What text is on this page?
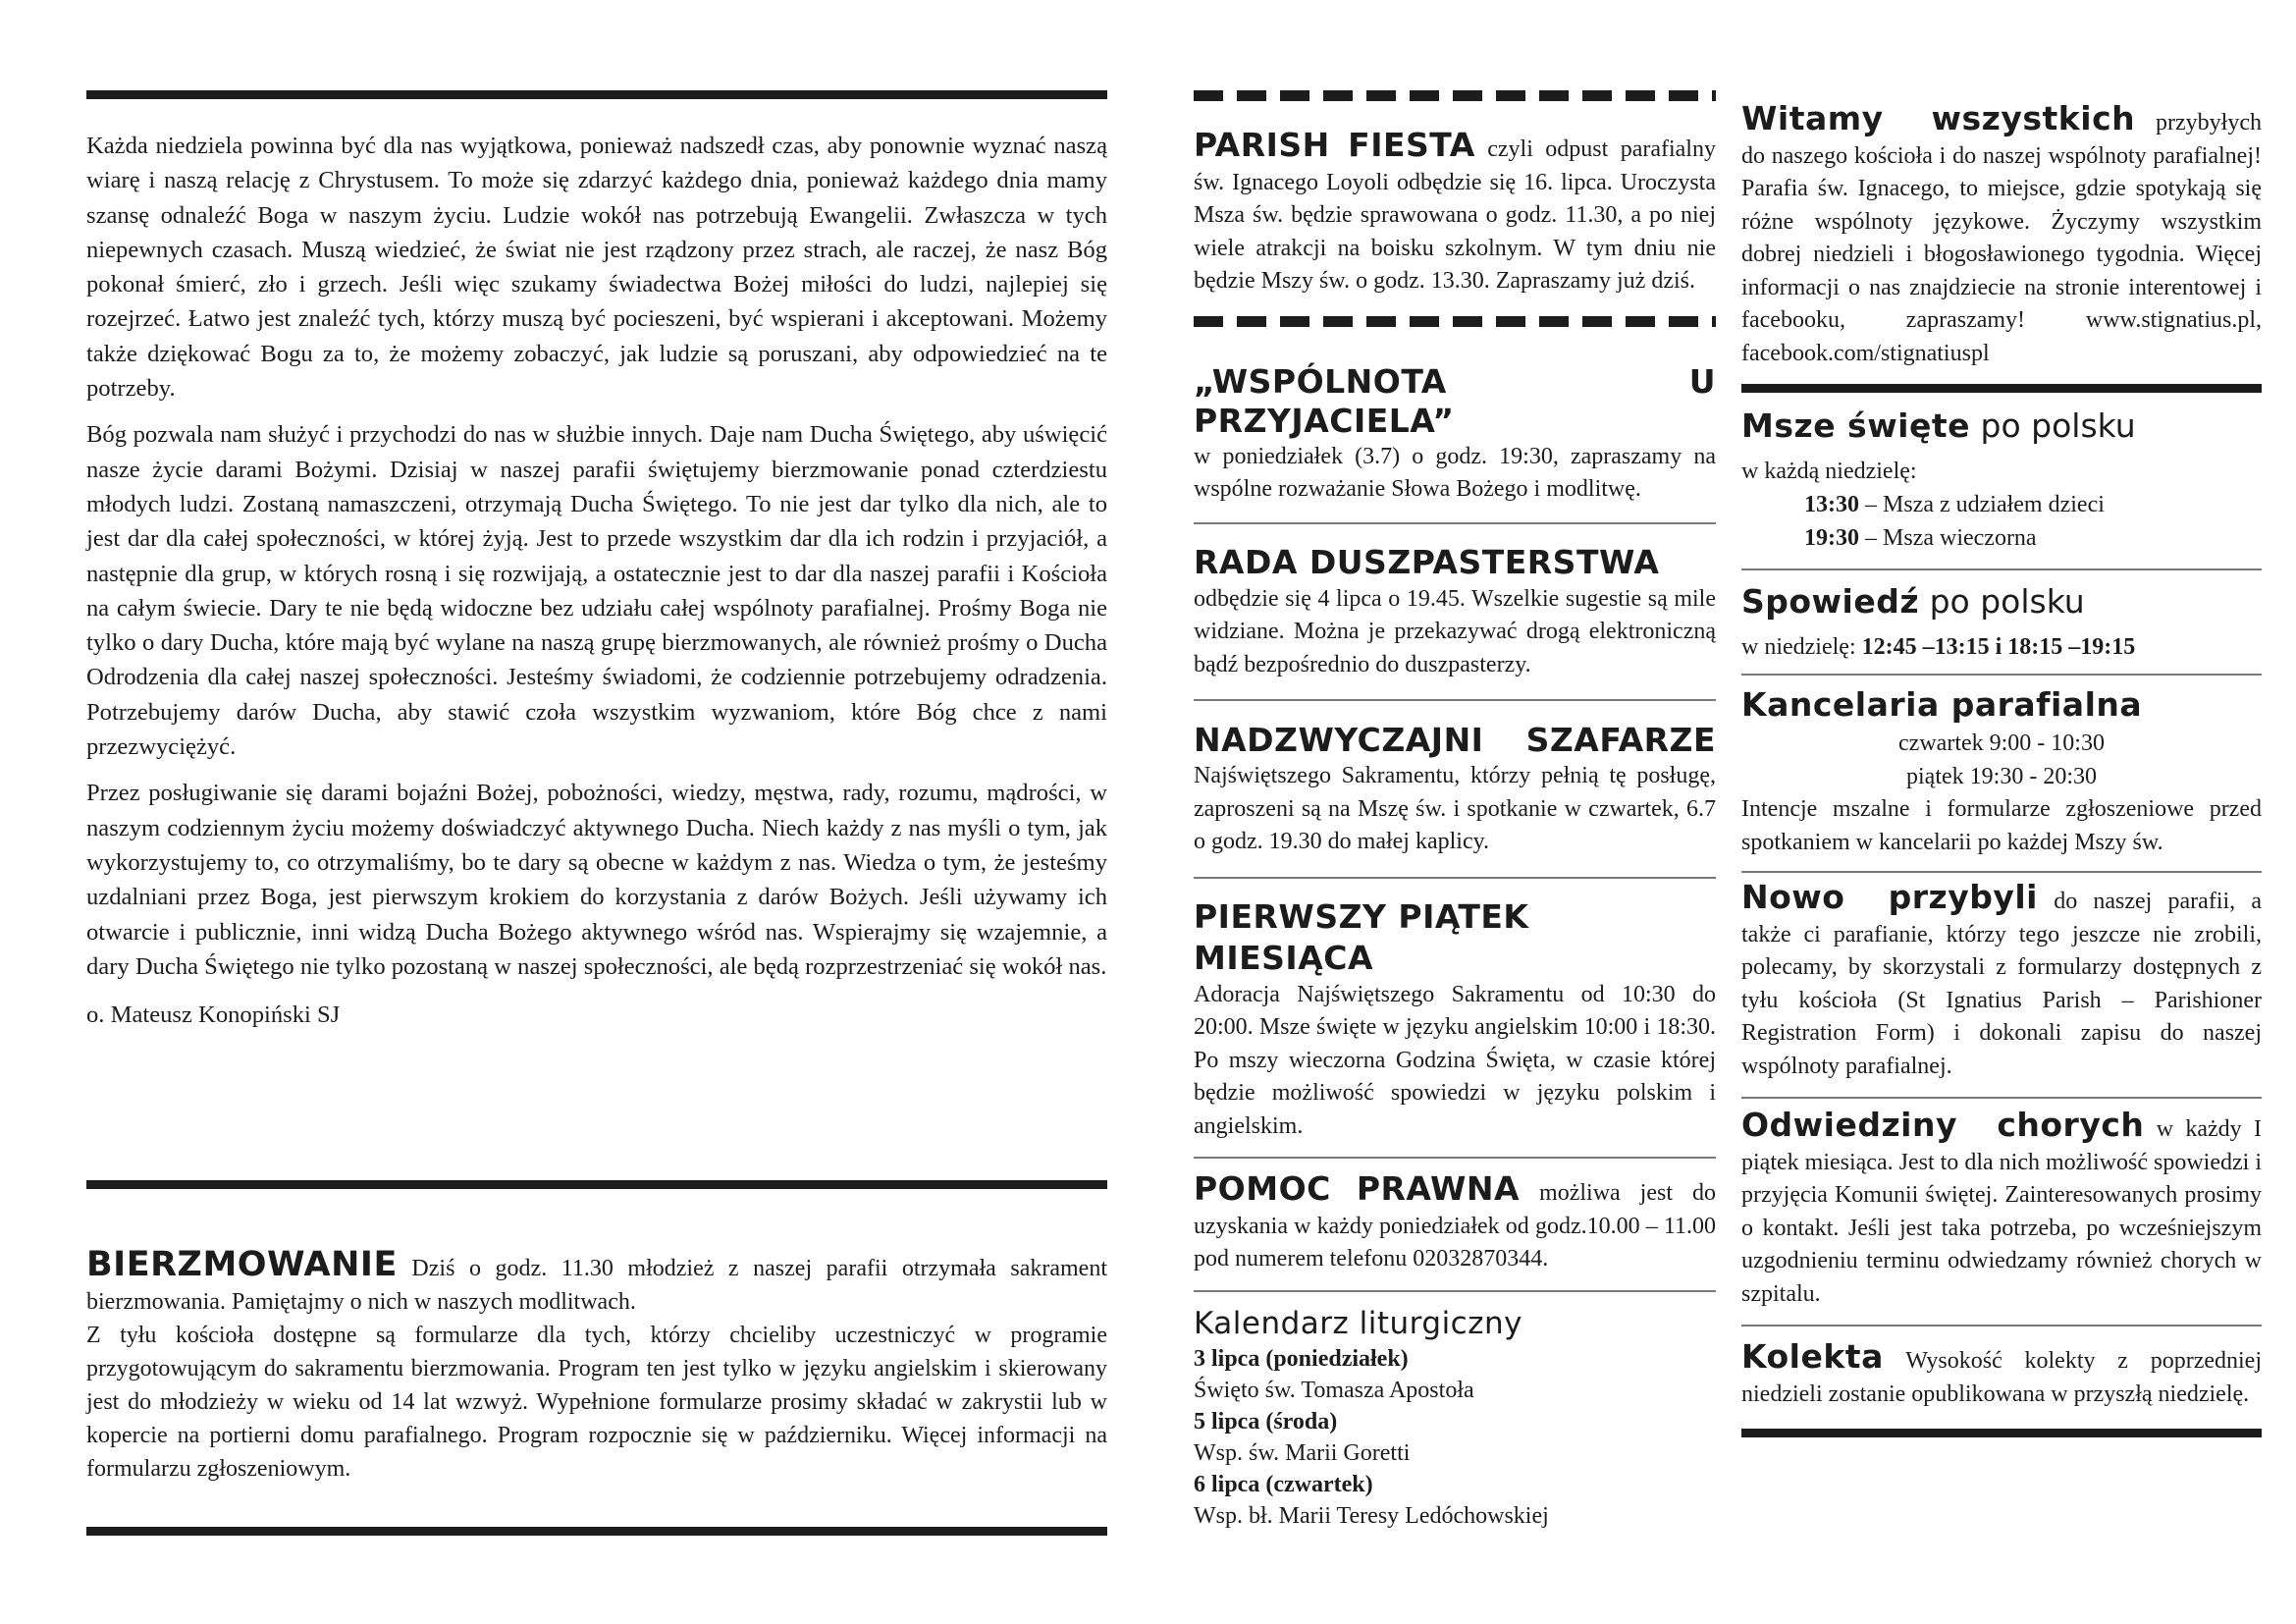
Każda niedziela powinna być dla nas wyjątkowa, ponieważ nadszedł czas, aby ponownie wyznać naszą wiarę i naszą relację z Chrystusem. To może się zdarzyć każdego dnia, ponieważ każdego dnia mamy szansę odnaleźć Boga w naszym życiu. Ludzie wokół nas potrzebują Ewangelii. Zwłaszcza w tych niepewnych czasach. Muszą wiedzieć, że świat nie jest rządzony przez strach, ale raczej, że nasz Bóg pokonał śmierć, zło i grzech. Jeśli więc szukamy świadectwa Bożej miłości do ludzi, najlepiej się rozejrzeć. Łatwo jest znaleźć tych, którzy muszą być pocieszeni, być wspierani i akceptowani. Możemy także dziękować Bogu za to, że możemy zobaczyć, jak ludzie są poruszani, aby odpowiedzieć na te potrzeby.

Bóg pozwala nam służyć i przychodzi do nas w służbie innych. Daje nam Ducha Świętego, aby uświęcić nasze życie darami Bożymi. Dzisiaj w naszej parafii świętujemy bierzmowanie ponad czterdziestu młodych ludzi. Zostaną namaszczeni, otrzymają Ducha Świętego. To nie jest dar tylko dla nich, ale to jest dar dla całej społeczności, w której żyją. Jest to przede wszystkim dar dla ich rodzin i przyjaciół, a następnie dla grup, w których rosną i się rozwijają, a ostatecznie jest to dar dla naszej parafii i Kościoła na całym świecie. Dary te nie będą widoczne bez udziału całej wspólnoty parafialnej. Prośmy Boga nie tylko o dary Ducha, które mają być wylane na naszą grupę bierzmowanych, ale również prośmy o Ducha Odrodzenia dla całej naszej społeczności. Jesteśmy świadomi, że codziennie potrzebujemy odradzenia. Potrzebujemy darów Ducha, aby stawić czoła wszystkim wyzwaniom, które Bóg chce z nami przezwyciężyć.

Przez posługiwanie się darami bojaźni Bożej, pobożności, wiedzy, męstwa, rady, rozumu, mądrości, w naszym codziennym życiu możemy doświadczyć aktywnego Ducha. Niech każdy z nas myśli o tym, jak wykorzystujemy to, co otrzymaliśmy, bo te dary są obecne w każdym z nas. Wiedza o tym, że jesteśmy uzdalniani przez Boga, jest pierwszym krokiem do korzystania z darów Bożych. Jeśli używamy ich otwarcie i publicznie, inni widzą Ducha Bożego aktywnego wśród nas. Wspierajmy się wzajemnie, a dary Ducha Świętego nie tylko pozostaną w naszej społeczności, ale będą rozprzestrzeniać się wokół nas.

o. Mateusz Konopiński SJ

BIERZMOWANIE Dziś o godz. 11.30 młodzież z naszej parafii otrzymała sakrament bierzmowania. Pamiętajmy o nich w naszych modlitwach.

Z tyłu kościoła dostępne są formularze dla tych, którzy chcieliby uczestniczyć w programie przygotowującym do sakramentu bierzmowania. Program ten jest tylko w języku angielskim i skierowany jest do młodzieży w wieku od 14 lat wzwyż. Wypełnione formularze prosimy składać w zakrystii lub w kopercie na portierni domu parafialnego. Program rozpocznie się w październiku. Więcej informacji na formularzu zgłoszeniowym.

PARISH FIESTA czyli odpust parafialny św. Ignacego Loyoli odbędzie się 16. lipca. Uroczysta Msza św. będzie sprawowana o godz. 11.30, a po niej wiele atrakcji na boisku szkolnym. W tym dniu nie będzie Mszy św. o godz. 13.30. Zapraszamy już dziś.

„WSPÓLNOTA U PRZYJACIELA”

w poniedziałek (3.7) o godz. 19:30, zapraszamy na wspólne rozważanie Słowa Bożego i modlitwę.

RADA DUSZPASTERSTWA

odbędzie się 4 lipca o 19.45. Wszelkie sugestie są mile widziane. Można je przekazywać drogą elektroniczną bądź bezpośrednio do duszpasterzy.

NADZWYCZAJNI SZAFARZE

Najświętszego Sakramentu, którzy pełnią tę posługę, zaproszeni są na Mszę św. i spotkanie w czwartek, 6.7 o godz. 19.30 do małej kaplicy.

PIERWSZY PIĄTEK MIESIĄCA

Adoracja Najświętszego Sakramentu od 10:30 do 20:00. Msze święte w języku angielskim 10:00 i 18:30. Po mszy wieczorna Godzina Święta, w czasie której będzie możliwość spowiedzi w języku polskim i angielskim.

POMOC PRAWNA możliwa jest do uzyskania w każdy poniedziałek od godz.10.00 – 11.00 pod numerem telefonu 02032870344.

Kalendarz liturgiczny

3 lipca (poniedziałek)

Święto św. Tomasza Apostoła

5 lipca (środa)

Wsp. św. Marii Goretti

6 lipca (czwartek)

Wsp. bł. Marii Teresy Ledóchowskiej

Witamy wszystkich przybyłych do naszego kościoła i do naszej wspólnoty parafialnej! Parafia św. Ignacego, to miejsce, gdzie spotykają się różne wspólnoty językowe. Życzymy wszystkim dobrej niedzieli i błogosławionego tygodnia. Więcej informacji o nas znajdziecie na stronie interentowej i facebooku, zapraszamy! www.stignatius.pl, facebook.com/stignatiuspl

Msze święte po polsku

w każdą niedzielę:

13:30 – Msza z udziałem dzieci

19:30 – Msza wieczorna

Spowiedź po polsku

w niedzielę: 12:45 –13:15 i 18:15 –19:15

Kancelaria parafialna

czwartek 9:00 - 10:30

piątek 19:30 - 20:30

Intencje mszalne i formularze zgłoszeniowe przed spotkaniem w kancelarii po każdej Mszy św.

Nowo przybyli do naszej parafii, a także ci parafianie, którzy tego jeszcze nie zrobili, polecamy, by skorzystali z formularzy dostępnych z tyłu kościoła (St Ignatius Parish – Parishioner Registration Form) i dokonali zapisu do naszej wspólnoty parafialnej.

Odwiedziny chorych w każdy I piątek miesiąca. Jest to dla nich możliwość spowiedzi i przyjęcia Komunii świętej. Zainteresowanych prosimy o kontakt. Jeśli jest taka potrzeba, po wcześniejszym uzgodnieniu terminu odwiedzamy również chorych w szpitalu.

Kolekta Wysokość kolekty z poprzedniej niedzieli zostanie opublikowana w przyszłą niedzielę.
